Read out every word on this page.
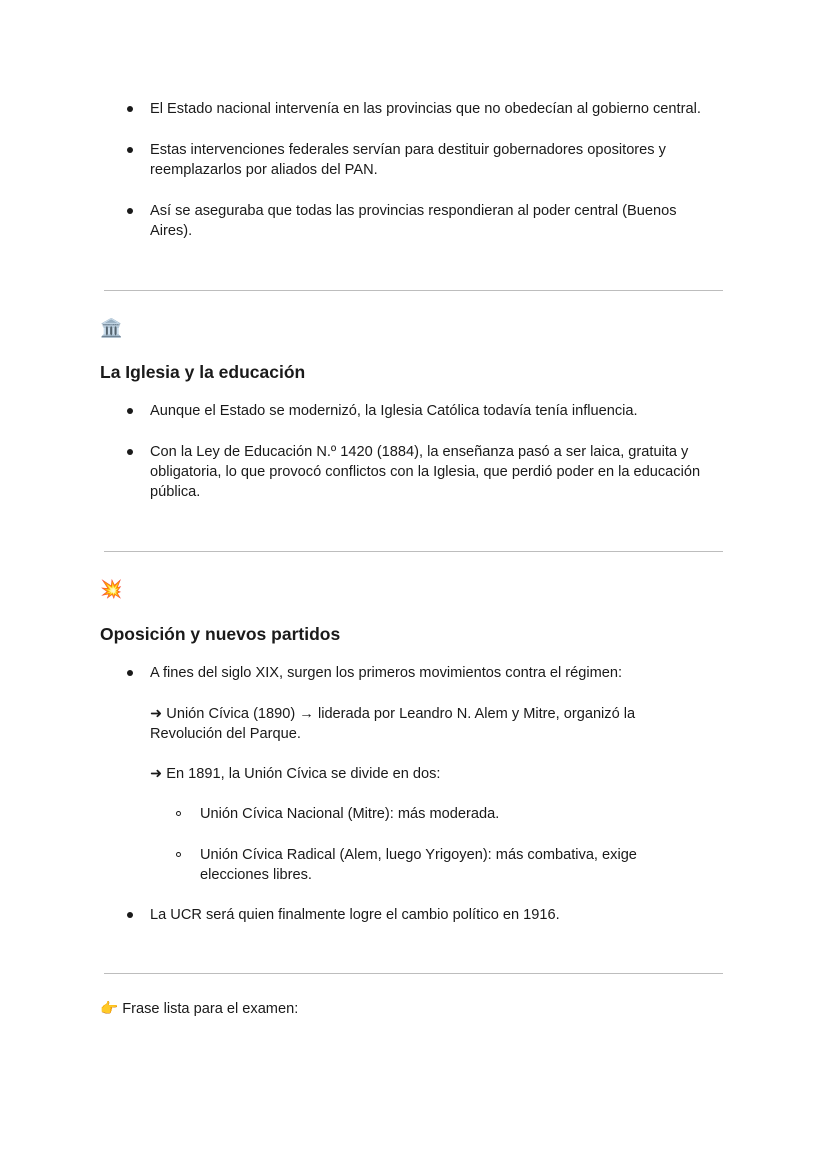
El Estado nacional intervenía en las provincias que no obedecían al gobierno central.
Estas intervenciones federales servían para destituir gobernadores opositores y
reemplazarlos por aliados del PAN.
Así se aseguraba que todas las provincias respondieran al poder central (Buenos
Aires).
🏛️
La Iglesia y la educación
Aunque el Estado se modernizó, la Iglesia Católica todavía tenía influencia.
Con la Ley de Educación N.º 1420 (1884), la enseñanza pasó a ser laica, gratuita y
obligatoria, lo que provocó conflictos con la Iglesia, que perdió poder en la educación
pública.
💥
Oposición y nuevos partidos
A fines del siglo XIX, surgen los primeros movimientos contra el régimen:
➜ Unión Cívica (1890) → liderada por Leandro N. Alem y Mitre, organizó la
Revolución del Parque.
➜ En 1891, la Unión Cívica se divide en dos:
Unión Cívica Nacional (Mitre): más moderada.
Unión Cívica Radical (Alem, luego Yrigoyen): más combativa, exige
elecciones libres.
La UCR será quien finalmente logre el cambio político en 1916.
👉 Frase lista para el examen:
